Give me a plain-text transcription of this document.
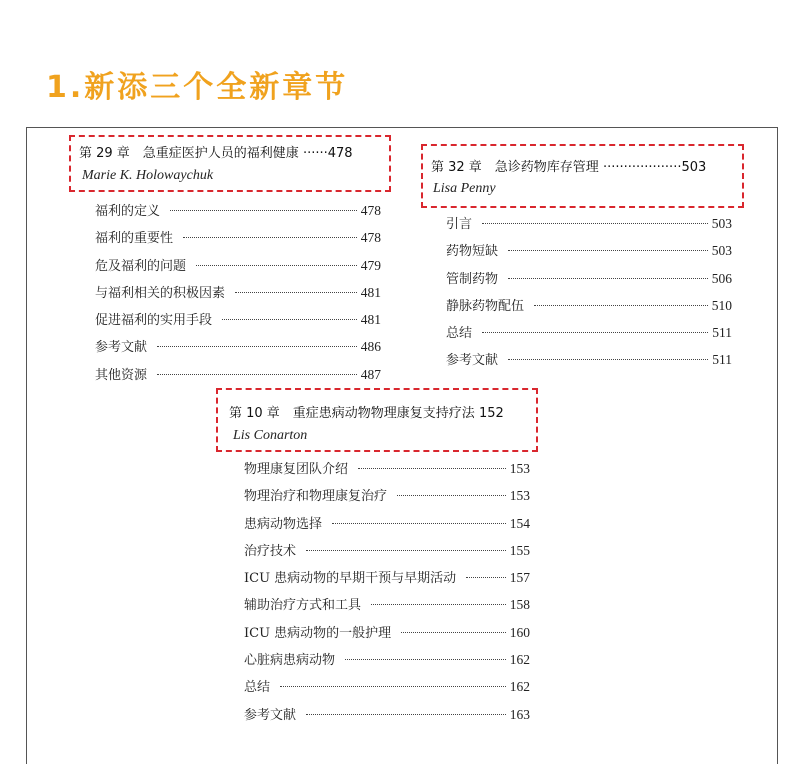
1.新添三个全新章节
第 29 章　急重症医护人员的福利健康 ······478
Marie K. Holowaychuk
福利的定义	478
福利的重要性	478
危及福利的问题	479
与福利相关的积极因素	481
促进福利的实用手段	481
参考文献	486
其他资源	487
第 32 章　急诊药物库存管理 ···················503
Lisa Penny
引言	503
药物短缺	503
管制药物	506
静脉药物配伍	510
总结	511
参考文献	511
第 10 章　重症患病动物物理康复支持疗法 152
Lis Conarton
物理康复团队介绍	153
物理治疗和物理康复治疗	153
患病动物选择	154
治疗技术	155
ICU 患病动物的早期干预与早期活动	157
辅助治疗方式和工具	158
ICU 患病动物的一般护理	160
心脏病患病动物	162
总结	162
参考文献	163
